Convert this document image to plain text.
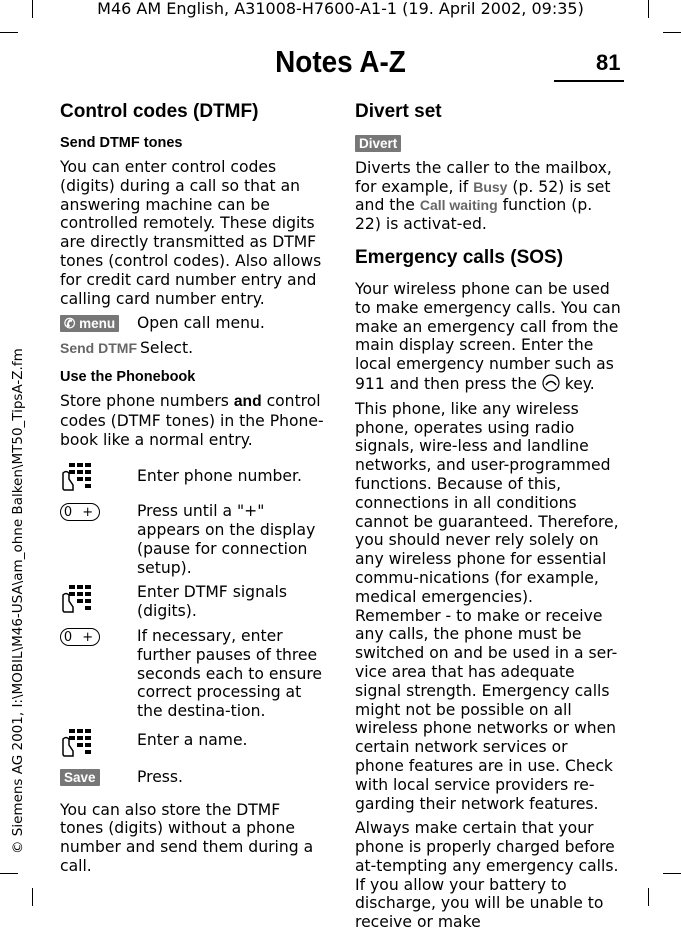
M46 AM English, A31008-H7600-A1-1 (19. April 2002, 09:35)
Notes A-Z	81
© Siemens AG 2001, I:\MOBIL\M46-USA\am_ohne Balken\MT50_TipsA-Z.fm
Control codes (DTMF)
Send DTMF tones

You can enter control codes (digits) during a call so that an answering machine can be controlled remotely. These digits are directly transmitted as DTMF tones (control codes). Also allows for credit card number entry and calling card number entry.

✆ menu	Open call menu.
Send DTMF Select.
Use the Phonebook

Store phone numbers and control codes (DTMF tones) in the Phone-book like a normal entry.

Enter phone number.
0 +	Press until a "+" appears on the display (pause for connection setup).
Enter DTMF signals (digits).
0 +	If necessary, enter further pauses of three seconds each to ensure correct processing at the destina-tion.
Enter a name.
Save	Press.

You can also store the DTMF tones (digits) without a phone number and send them during a call.

Divert set

Divert

Diverts the caller to the mailbox, for example, if Busy (p. 52) is set and the Call waiting function (p. 22) is activat-ed.

Emergency calls (SOS)

Your wireless phone can be used to make emergency calls. You can make an emergency call from the main display screen. Enter the local emergency number such as 911 and then press the  key.

This phone, like any wireless phone, operates using radio signals, wire-less and landline networks, and user-programmed functions. Because of this, connections in all conditions cannot be guaranteed. Therefore, you should never rely solely on any wireless phone for essential commu-nications (for example, medical emergencies). Remember - to make or receive any calls, the phone must be switched on and be used in a ser-vice area that has adequate signal strength. Emergency calls might not be possible on all wireless phone networks or when certain network services or phone features are in use. Check with local service providers re-garding their network features.

Always make certain that your phone is properly charged before at-tempting any emergency calls. If you allow your battery to discharge, you will be unable to receive or make
